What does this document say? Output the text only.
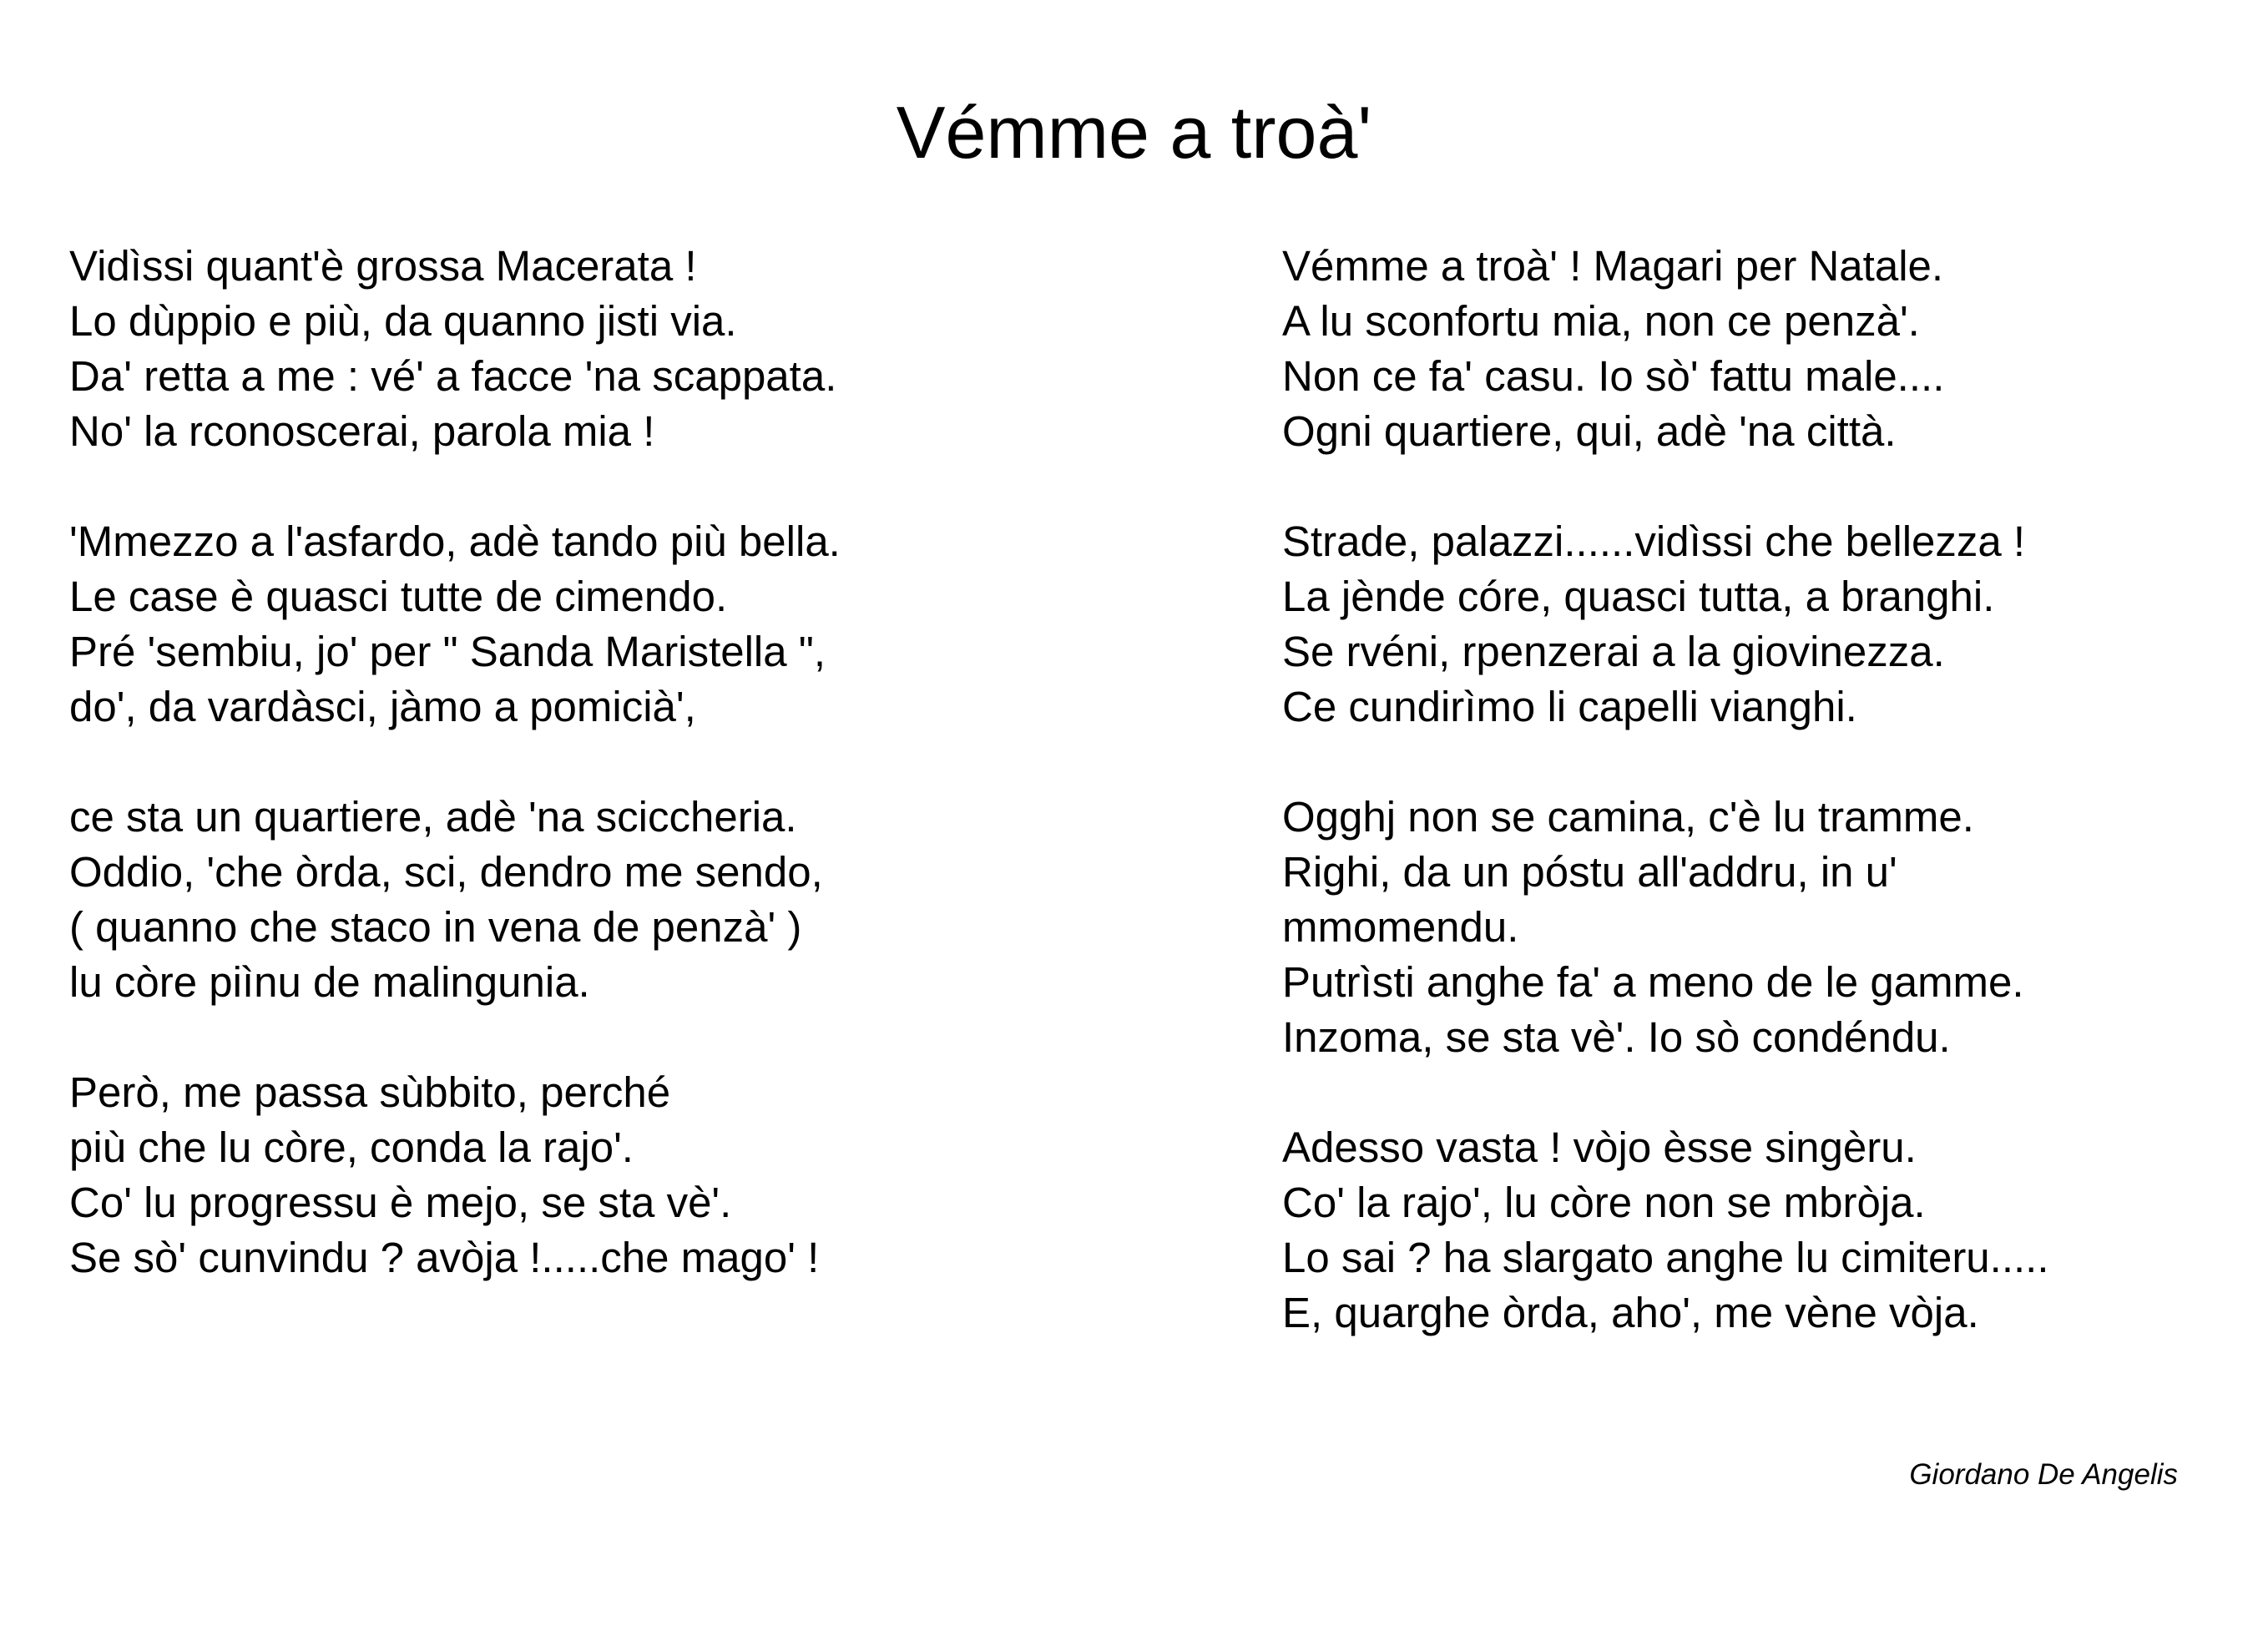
Vémme a troà'
Vidìssi quant'è grossa Macerata !
Lo dùppio e più, da quanno jisti via.
Da' retta a me : vé' a facce 'na scappata.
No' la rconoscerai, parola mia !
'Mmezzo a l'asfardo, adè tando più bella.
Le case è quasci tutte de cimendo.
Pré 'sembiu, jo' per " Sanda Maristella ",
do', da vardàsci, jàmo a pomicià',
ce sta un quartiere, adè 'na sciccheria.
Oddio, 'che òrda, sci, dendro me sendo,
( quanno che staco in vena de penzà' )
lu còre piìnu de malingunia.
Però, me passa sùbbito, perché
più che lu còre, conda la rajo'.
Co' lu progressu è mejo, se sta vè'.
Se sò' cunvindu ? avòja !.....che mago' !
Vémme a troà' ! Magari per Natale.
A lu sconfortu mia, non ce penzà'.
Non ce fa' casu. Io sò' fattu male....
Ogni quartiere, qui, adè 'na città.
Strade, palazzi......vidìssi che bellezza !
La jènde córe, quasci tutta, a branghi.
Se rvéni, rpenzerai a la giovinezza.
Ce cundirìmo li capelli vianghi.
Ogghj non se camina, c'è lu tramme.
Righi, da un póstu all'addru, in u'
mmomendu.
Putrìsti anghe fa' a meno de le gamme.
Inzoma, se sta vè'. Io sò condéndu.
Adesso vasta ! vòjo èsse singèru.
Co' la rajo', lu còre non se mbròja.
Lo sai ? ha slargato anghe lu cimiteru.....
E, quarghe òrda, aho', me vène vòja.
Giordano De Angelis
